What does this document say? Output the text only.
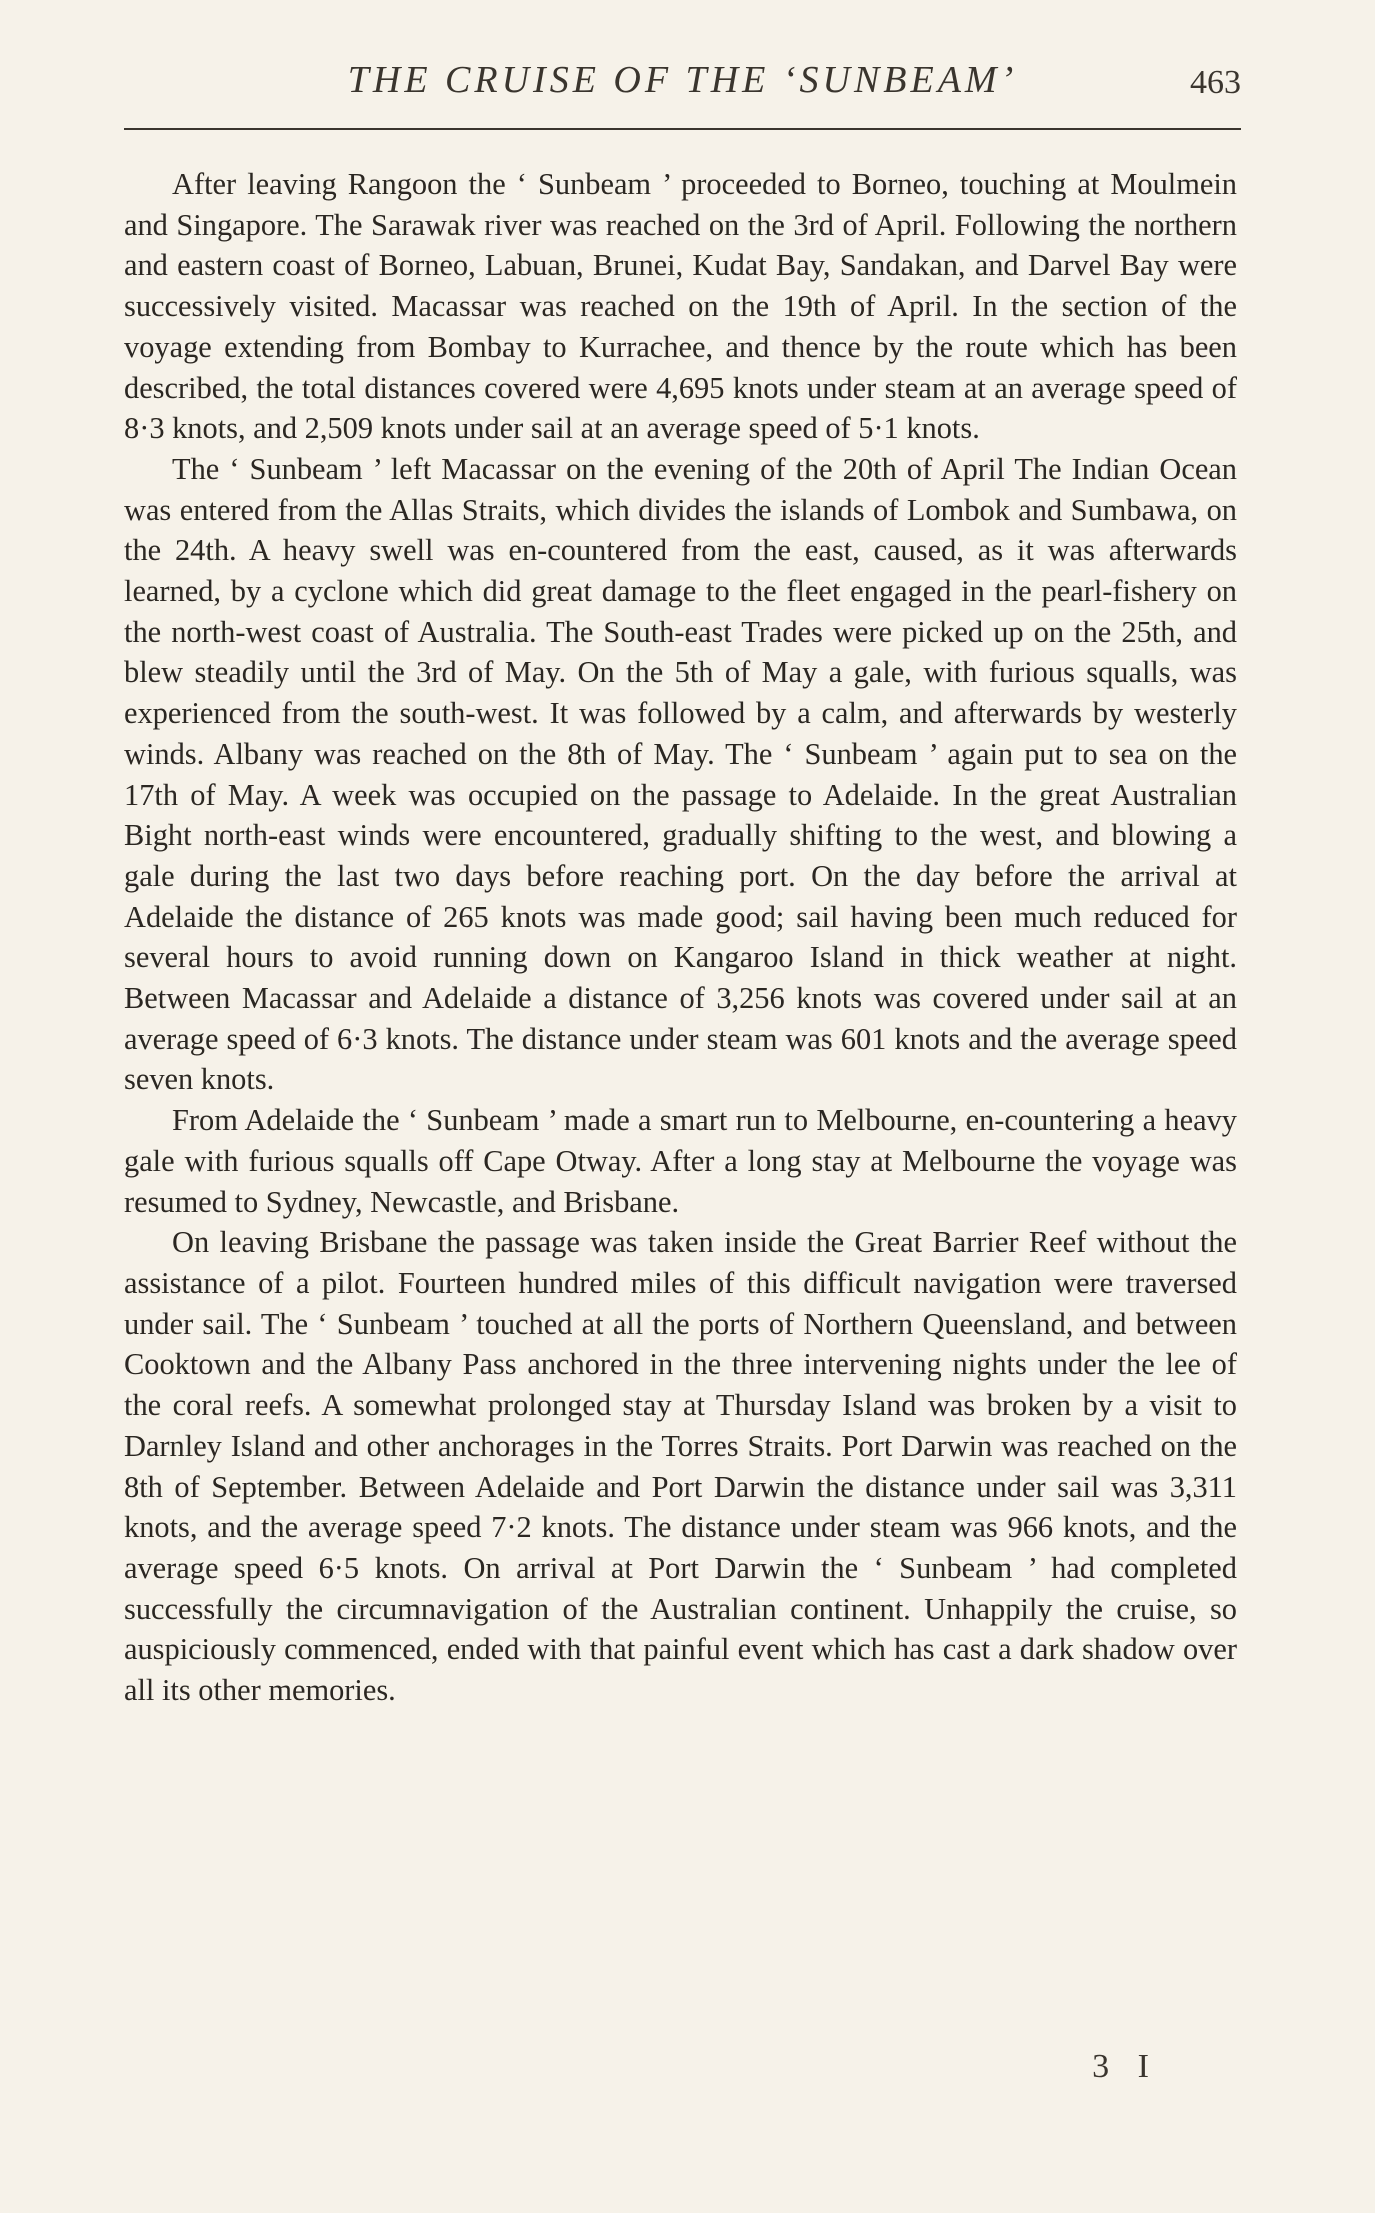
THE CRUISE OF THE ‘SUNBEAM’	463

After leaving Rangoon the ‘ Sunbeam ’ proceeded to Borneo, touching at Moulmein and Singapore. The Sarawak river was reached on the 3rd of April. Following the northern and eastern coast of Borneo, Labuan, Brunei, Kudat Bay, Sandakan, and Darvel Bay were successively visited. Macassar was reached on the 19th of April. In the section of the voyage extending from Bombay to Kurrachee, and thence by the route which has been described, the total distances covered were 4,695 knots under steam at an average speed of 8·3 knots, and 2,509 knots under sail at an average speed of 5·1 knots.

The ‘ Sunbeam ’ left Macassar on the evening of the 20th of April The Indian Ocean was entered from the Allas Straits, which divides the islands of Lombok and Sumbawa, on the 24th. A heavy swell was en-countered from the east, caused, as it was afterwards learned, by a cyclone which did great damage to the fleet engaged in the pearl-fishery on the north-west coast of Australia. The South-east Trades were picked up on the 25th, and blew steadily until the 3rd of May. On the 5th of May a gale, with furious squalls, was experienced from the south-west. It was followed by a calm, and afterwards by westerly winds. Albany was reached on the 8th of May. The ‘ Sunbeam ’ again put to sea on the 17th of May. A week was occupied on the passage to Adelaide. In the great Australian Bight north-east winds were encountered, gradually shifting to the west, and blowing a gale during the last two days before reaching port. On the day before the arrival at Adelaide the distance of 265 knots was made good; sail having been much reduced for several hours to avoid running down on Kangaroo Island in thick weather at night. Between Macassar and Adelaide a distance of 3,256 knots was covered under sail at an average speed of 6·3 knots. The distance under steam was 601 knots and the average speed seven knots.

From Adelaide the ‘ Sunbeam ’ made a smart run to Melbourne, en-countering a heavy gale with furious squalls off Cape Otway. After a long stay at Melbourne the voyage was resumed to Sydney, Newcastle, and Brisbane.

On leaving Brisbane the passage was taken inside the Great Barrier Reef without the assistance of a pilot. Fourteen hundred miles of this difficult navigation were traversed under sail. The ‘ Sunbeam ’ touched at all the ports of Northern Queensland, and between Cooktown and the Albany Pass anchored in the three intervening nights under the lee of the coral reefs. A somewhat prolonged stay at Thursday Island was broken by a visit to Darnley Island and other anchorages in the Torres Straits. Port Darwin was reached on the 8th of September. Between Adelaide and Port Darwin the distance under sail was 3,311 knots, and the average speed 7·2 knots. The distance under steam was 966 knots, and the average speed 6·5 knots. On arrival at Port Darwin the ‘ Sunbeam ’ had completed successfully the circumnavigation of the Australian continent. Unhappily the cruise, so auspiciously commenced, ended with that painful event which has cast a dark shadow over all its other memories.

3 I
